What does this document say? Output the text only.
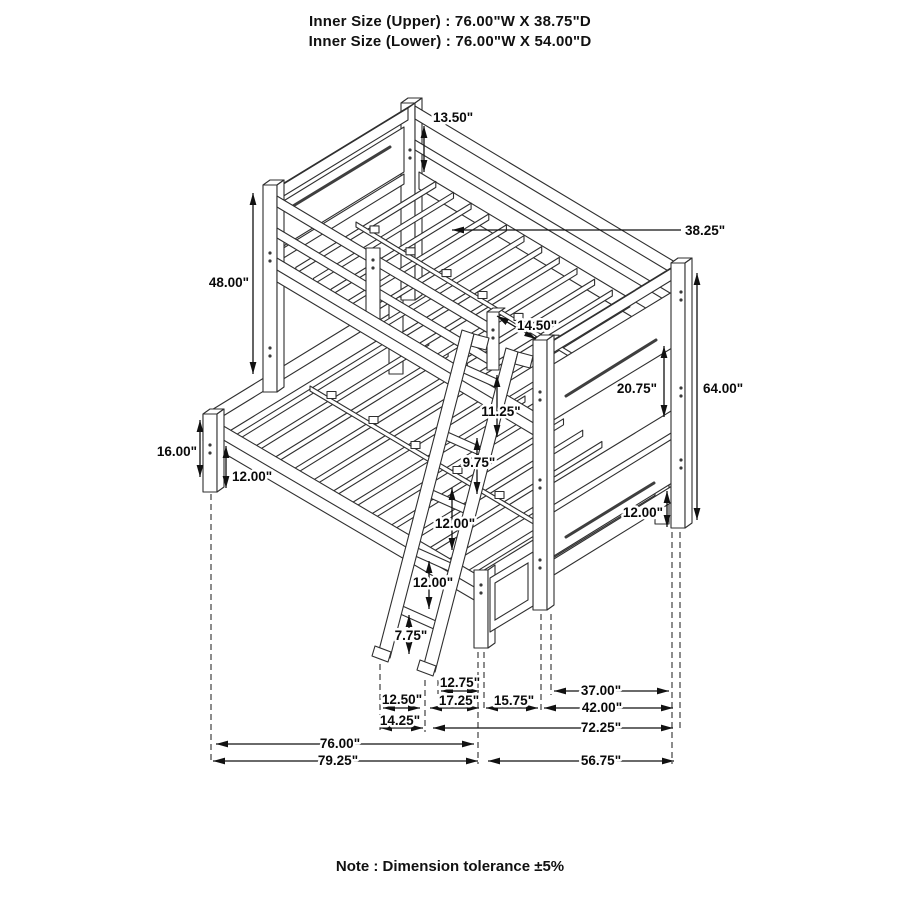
Inner Size (Upper) : 76.00"W X 38.75"D
Inner Size (Lower) : 76.00"W X 54.00"D
13.50"
48.00"
38.25"
14.50"
20.75"	64.00"
11.25"
9.75"
12.00"
12.00"
7.75"
16.00"
12.00"
12.00"
12.75"
12.50" 17.25" 15.75"	42.00"
37.00"
14.25"	72.25"
76.00"
79.25"	56.75"
Note : Dimension tolerance ±5%
